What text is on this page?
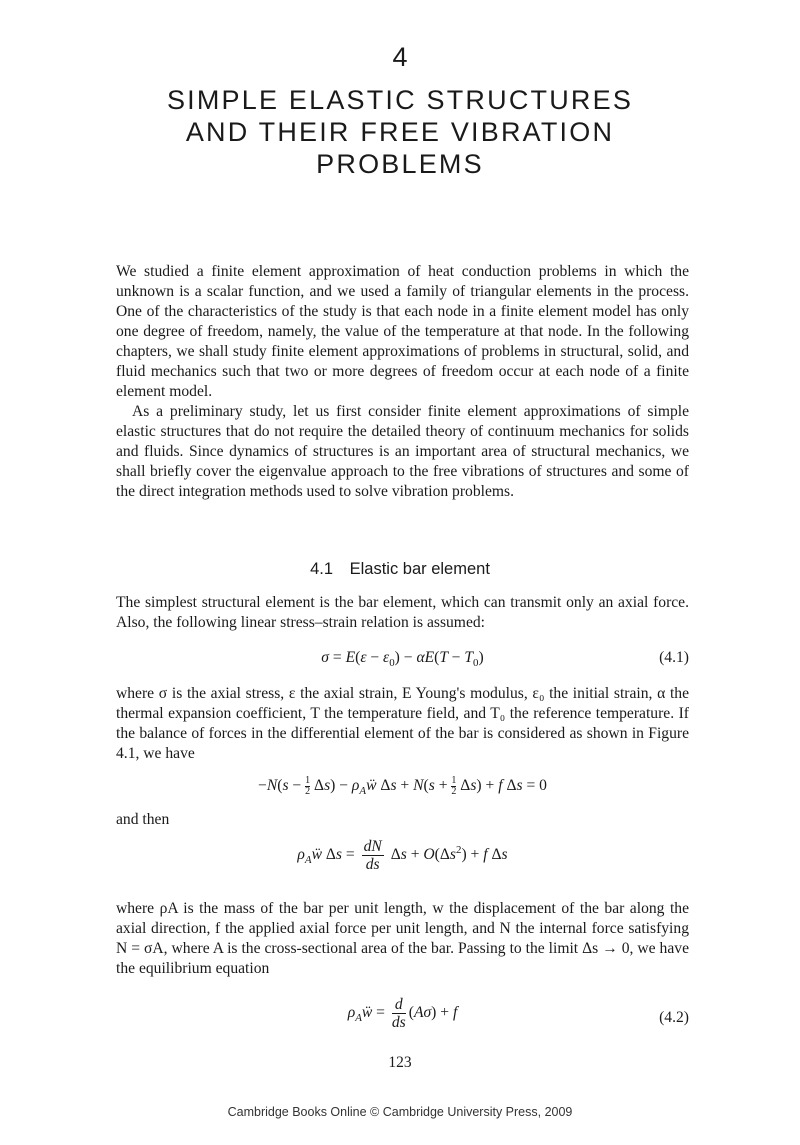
4
SIMPLE ELASTIC STRUCTURES
AND THEIR FREE VIBRATION
PROBLEMS

We studied a finite element approximation of heat conduction problems in which the unknown is a scalar function, and we used a family of triangular elements in the process. One of the characteristics of the study is that each node in a finite element model has only one degree of freedom, namely, the value of the temperature at that node. In the following chapters, we shall study finite element approximations of problems in structural, solid, and fluid mechanics such that two or more degrees of freedom occur at each node of a finite element model.

As a preliminary study, let us first consider finite element approximations of simple elastic structures that do not require the detailed theory of continuum mechanics for solids and fluids. Since dynamics of structures is an important area of structural mechanics, we shall briefly cover the eigenvalue approach to the free vibrations of structures and some of the direct integration methods used to solve vibration problems.

4.1 Elastic bar element
The simplest structural element is the bar element, which can transmit only an axial force. Also, the following linear stress–strain relation is assumed:
$\sigma = E(\varepsilon - \varepsilon_0) - \alpha E(T - T_0)$	(4.1)
where σ is the axial stress, ε the axial strain, E Young's modulus, ε₀ the initial strain, α the thermal expansion coefficient, T the temperature field, and T₀ the reference temperature. If the balance of forces in the differential element of the bar is considered as shown in Figure 4.1, we have
$-N(s - \frac{1}{2} \Delta s)$ − $\rho_Aẅ$ $\Delta s + N(s + \frac{1}{2} \Delta s) + f$ Δs = 0
and then
$\rho_Aẅ$ $\Delta s = \frac{dN}{ds}$ $\Delta s + O(\Delta s^2) + f$ Δs
where ρA is the mass of the bar per unit length, w the displacement of the bar along the axial direction, f the applied axial force per unit length, and N the internal force satisfying N = σA, where A is the cross-sectional area of the bar. Passing to the limit Δs → 0, we have the equilibrium equation
$\rho_Aẅ = \frac{d}{ds} (A\sigma) + f$	(4.2)
123
Cambridge Books Online © Cambridge University Press, 2009
